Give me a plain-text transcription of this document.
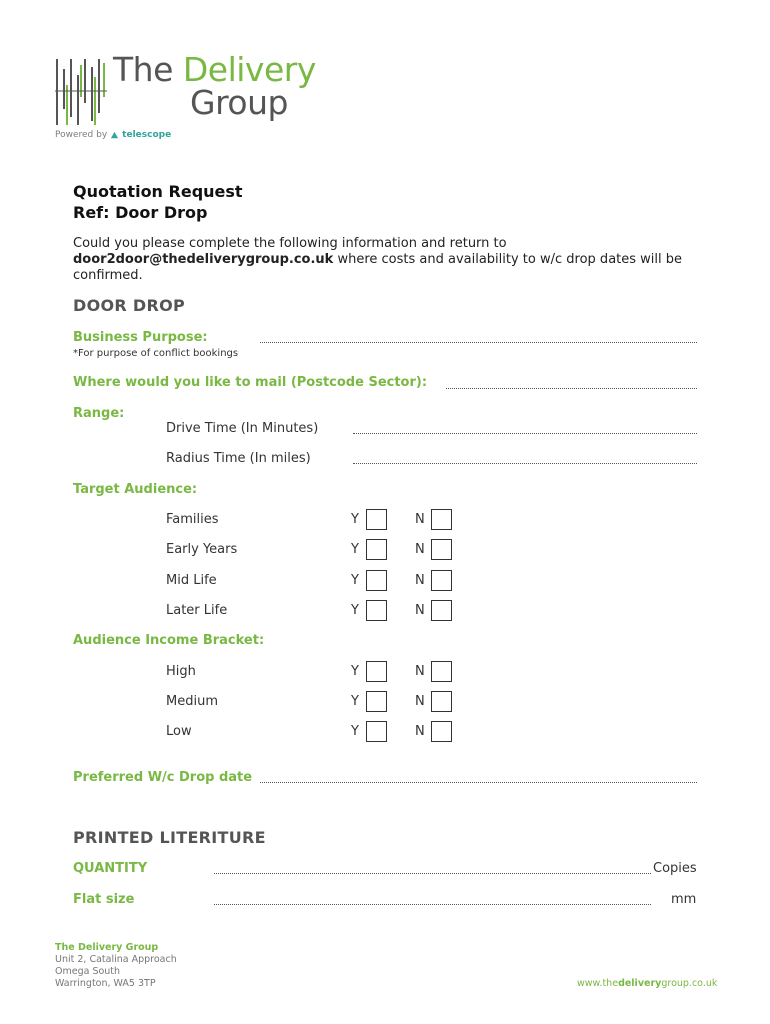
The Delivery
Group
Powered by telescope
Quotation Request
Ref: Door Drop
Could you please complete the following information and return to
door2door@thedeliverygroup.co.uk where costs and availability to w/c drop dates will be confirmed.
DOOR DROP
Business Purpose:
*For purpose of conflict bookings
Where would you like to mail (Postcode Sector):
Range:
Drive Time (In Minutes)
Radius Time (In miles)
Target Audience:
Families	Y	N
Early Years	Y	N
Mid Life	Y	N
Later Life	Y	N
Audience Income Bracket:
High	Y	N
Medium	Y	N
Low	Y	N
Preferred W/c Drop date
PRINTED LITERITURE
QUANTITY	Copies
Flat size	mm
The Delivery Group
Unit 2, Catalina Approach
Omega South
Warrington, WA5 3TP	www.thedeliverygroup.co.uk
